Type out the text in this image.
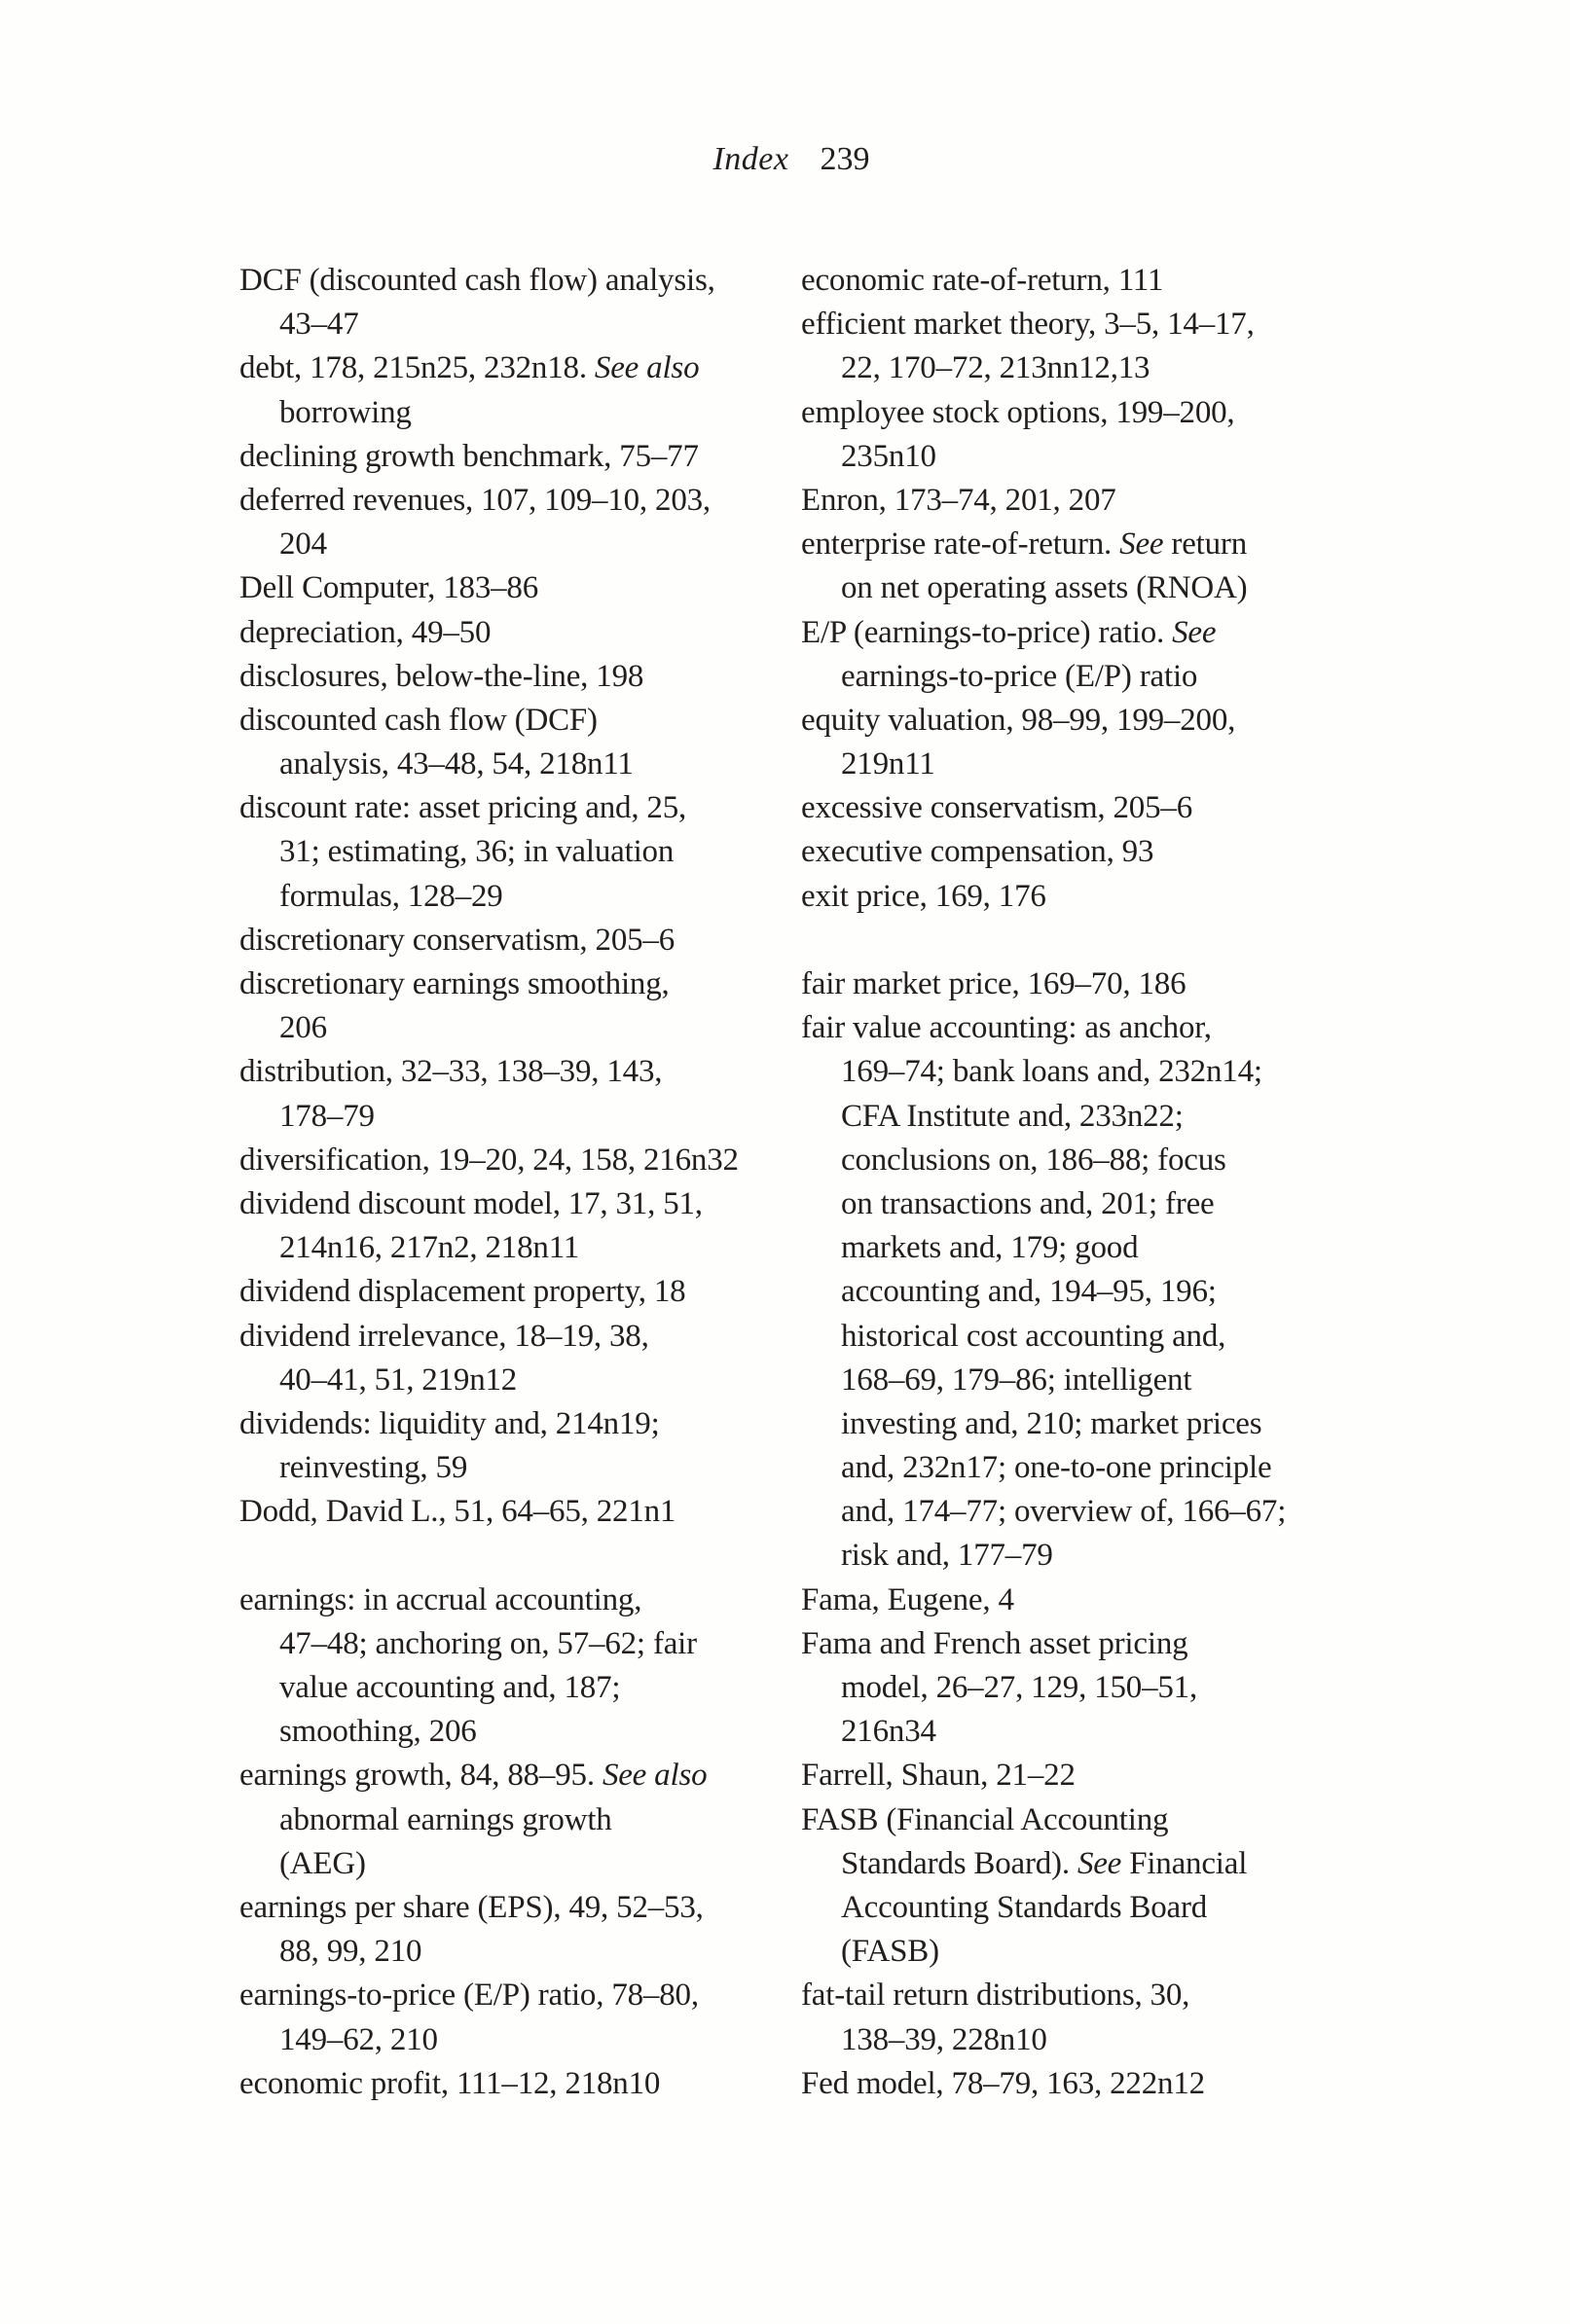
Index 239
DCF (discounted cash flow) analysis,
43–47
debt, 178, 215n25, 232n18. See also
borrowing
declining growth benchmark, 75–77
deferred revenues, 107, 109–10, 203,
204
Dell Computer, 183–86
depreciation, 49–50
disclosures, below-the-line, 198
discounted cash flow (DCF)
analysis, 43–48, 54, 218n11
discount rate: asset pricing and, 25,
31; estimating, 36; in valuation
formulas, 128–29
discretionary conservatism, 205–6
discretionary earnings smoothing,
206
distribution, 32–33, 138–39, 143,
178–79
diversification, 19–20, 24, 158, 216n32
dividend discount model, 17, 31, 51,
214n16, 217n2, 218n11
dividend displacement property, 18
dividend irrelevance, 18–19, 38,
40–41, 51, 219n12
dividends: liquidity and, 214n19;
reinvesting, 59
Dodd, David L., 51, 64–65, 221n1
earnings: in accrual accounting,
47–48; anchoring on, 57–62; fair
value accounting and, 187;
smoothing, 206
earnings growth, 84, 88–95. See also
abnormal earnings growth
(AEG)
earnings per share (EPS), 49, 52–53,
88, 99, 210
earnings-to-price (E/P) ratio, 78–80,
149–62, 210
economic profit, 111–12, 218n10
economic rate-of-return, 111
efficient market theory, 3–5, 14–17,
22, 170–72, 213nn12,13
employee stock options, 199–200,
235n10
Enron, 173–74, 201, 207
enterprise rate-of-return. See return
on net operating assets (RNOA)
E/P (earnings-to-price) ratio. See
earnings-to-price (E/P) ratio
equity valuation, 98–99, 199–200,
219n11
excessive conservatism, 205–6
executive compensation, 93
exit price, 169, 176
fair market price, 169–70, 186
fair value accounting: as anchor,
169–74; bank loans and, 232n14;
CFA Institute and, 233n22;
conclusions on, 186–88; focus
on transactions and, 201; free
markets and, 179; good
accounting and, 194–95, 196;
historical cost accounting and,
168–69, 179–86; intelligent
investing and, 210; market prices
and, 232n17; one-to-one principle
and, 174–77; overview of, 166–67;
risk and, 177–79
Fama, Eugene, 4
Fama and French asset pricing
model, 26–27, 129, 150–51,
216n34
Farrell, Shaun, 21–22
FASB (Financial Accounting
Standards Board). See Financial
Accounting Standards Board
(FASB)
fat-tail return distributions, 30,
138–39, 228n10
Fed model, 78–79, 163, 222n12
